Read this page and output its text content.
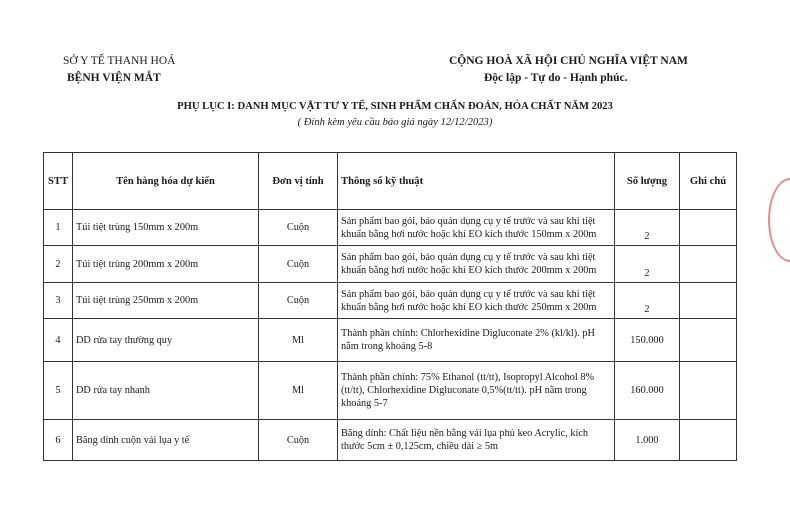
SỞ Y TẾ THANH HOÁ
BỆNH VIỆN MẮT
CỘNG HOÀ XÃ HỘI CHỦ NGHĨA VIỆT NAM
Độc lập - Tự do - Hạnh phúc.
PHỤ LỤC I: DANH MỤC VẬT TƯ Y TẾ, SINH PHẨM CHẨN ĐOÁN, HÓA CHẤT NĂM 2023
( Đính kèm yêu cầu báo giá ngày 12/12/2023)
STT	Tên hàng hóa dự kiến	Đơn vị tính	Thông số kỹ thuật	Số lượng	Ghi chú
1	Túi tiệt trùng 150mm x 200m	Cuộn	Sản phẩm bao gói, bảo quản dụng cụ y tế trước và sau khi tiệt khuẩn bằng hơi nước hoặc khí EO kích thước 150mm x 200m	2	
2	Túi tiệt trùng 200mm x 200m	Cuộn	Sản phẩm bao gói, bảo quản dụng cụ y tế trước và sau khi tiệt khuẩn bằng hơi nước hoặc khí EO kích thước 200mm x 200m	2	
3	Túi tiệt trùng 250mm x 200m	Cuộn	Sản phẩm bao gói, bảo quản dụng cụ y tế trước và sau khi tiệt khuẩn bằng hơi nước hoặc khí EO kích thước 250mm x 200m	2	
4	DD rửa tay thường quy	Ml	Thành phần chính: Chlorhexidine Digluconate 2% (kl/kl). pH nằm trong khoảng 5-8	150.000	
5	DD rửa tay nhanh	Ml	Thành phần chính: 75% Ethanol (tt/tt), Isopropyl Alcohol 8% (tt/tt), Chlorhexidine Digluconate 0,5%(tt/tt). pH nằm trong khoảng 5-7	160.000	
6	Băng dính cuộn vải lụa y tế	Cuộn	Băng dính: Chất liệu nền bằng vải lụa phủ keo Acrylic, kích thước 5cm ± 0,125cm, chiều dài ≥ 5m	1.000	
